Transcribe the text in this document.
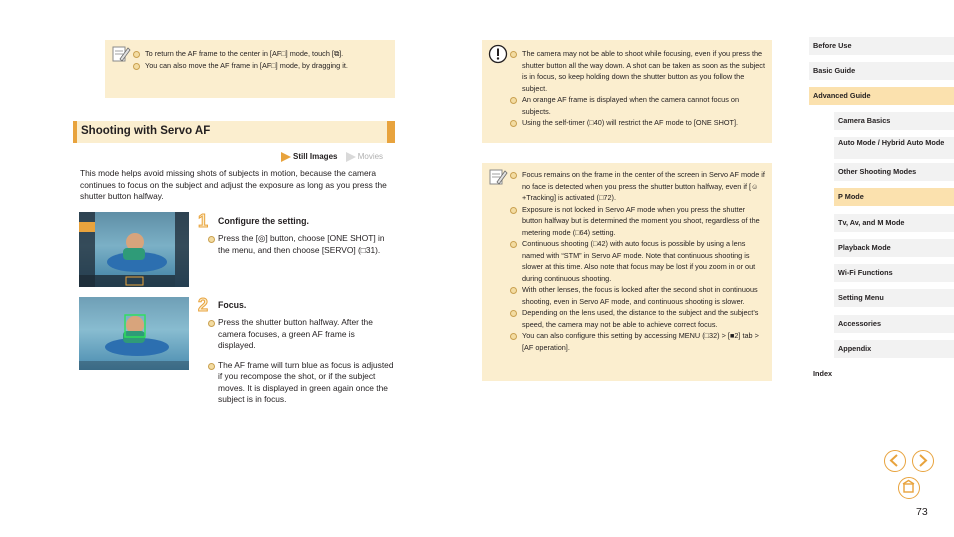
To return the AF frame to the center in [AF□] mode, touch [⧉].
You can also move the AF frame in [AF□] mode, by dragging it.
Shooting with Servo AF
Still Images	Movies

This mode helps avoid missing shots of subjects in motion, because the camera continues to focus on the subject and adjust the exposure as long as you press the shutter button halfway.

1 Configure the setting.
Press the [◎] button, choose [ONE SHOT] in the menu, and then choose [SERVO] (□31).
2 Focus.
Press the shutter button halfway. After the camera focuses, a green AF frame is displayed.
The AF frame will turn blue as focus is adjusted if you recompose the shot, or if the subject moves. It is displayed in green again once the subject is in focus.
The camera may not be able to shoot while focusing, even if you press the shutter button all the way down. A shot can be taken as soon as the subject is in focus, so keep holding down the shutter button as you follow the subject.
An orange AF frame is displayed when the camera cannot focus on subjects.
Using the self-timer (□40) will restrict the AF mode to [ONE SHOT].
Focus remains on the frame in the center of the screen in Servo AF mode if no face is detected when you press the shutter button halfway, even if [☺+Tracking] is activated (□72).
Exposure is not locked in Servo AF mode when you press the shutter button halfway but is determined the moment you shoot, regardless of the metering mode (□64) setting.
Continuous shooting (□42) with auto focus is possible by using a lens named with “STM” in Servo AF mode. Note that continuous shooting is slower at this time. Also note that focus may be lost if you zoom in or out during continuous shooting.
With other lenses, the focus is locked after the second shot in continuous shooting, even in Servo AF mode, and continuous shooting is slower.
Depending on the lens used, the distance to the subject and the subject’s speed, the camera may not be able to achieve correct focus.
You can also configure this setting by accessing MENU (□32) > [■2] tab > [AF operation].
Before Use
Basic Guide
Advanced Guide
Camera Basics
Auto Mode / Hybrid Auto Mode
Other Shooting Modes
P Mode
Tv, Av, and M Mode
Playback Mode
Wi-Fi Functions
Setting Menu
Accessories
Appendix
Index
73
